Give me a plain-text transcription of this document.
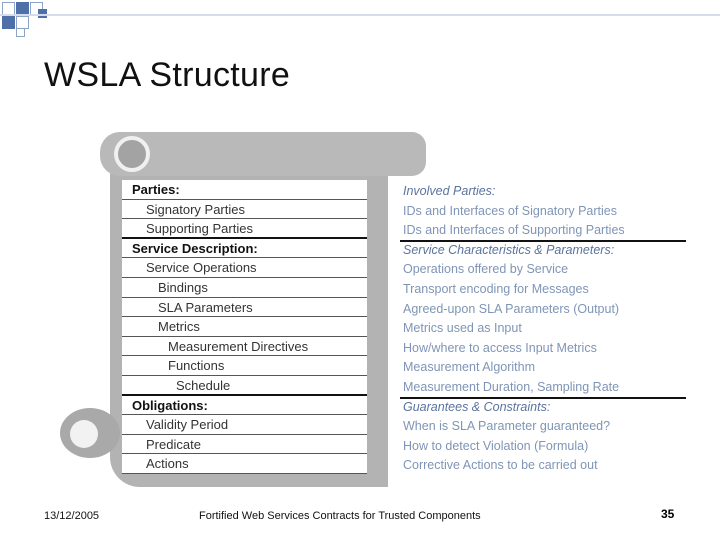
WSLA Structure
Parties:
Signatory Parties
Supporting Parties
Service Description:
Service Operations
Bindings
SLA Parameters
Metrics
Measurement Directives
Functions
Schedule
Obligations:
Validity Period
Predicate
Actions
Involved Parties:
IDs and Interfaces of Signatory Parties
IDs and Interfaces of Supporting Parties
Service Characteristics & Parameters:
Operations offered by Service
Transport encoding for Messages
Agreed-upon SLA Parameters (Output)
Metrics used as Input
How/where to access Input Metrics
Measurement Algorithm
Measurement Duration, Sampling Rate
Guarantees & Constraints:
When is SLA Parameter guaranteed?
How to detect Violation (Formula)
Corrective Actions to be carried out
13/12/2005	Fortified Web Services Contracts for Trusted Components	35
